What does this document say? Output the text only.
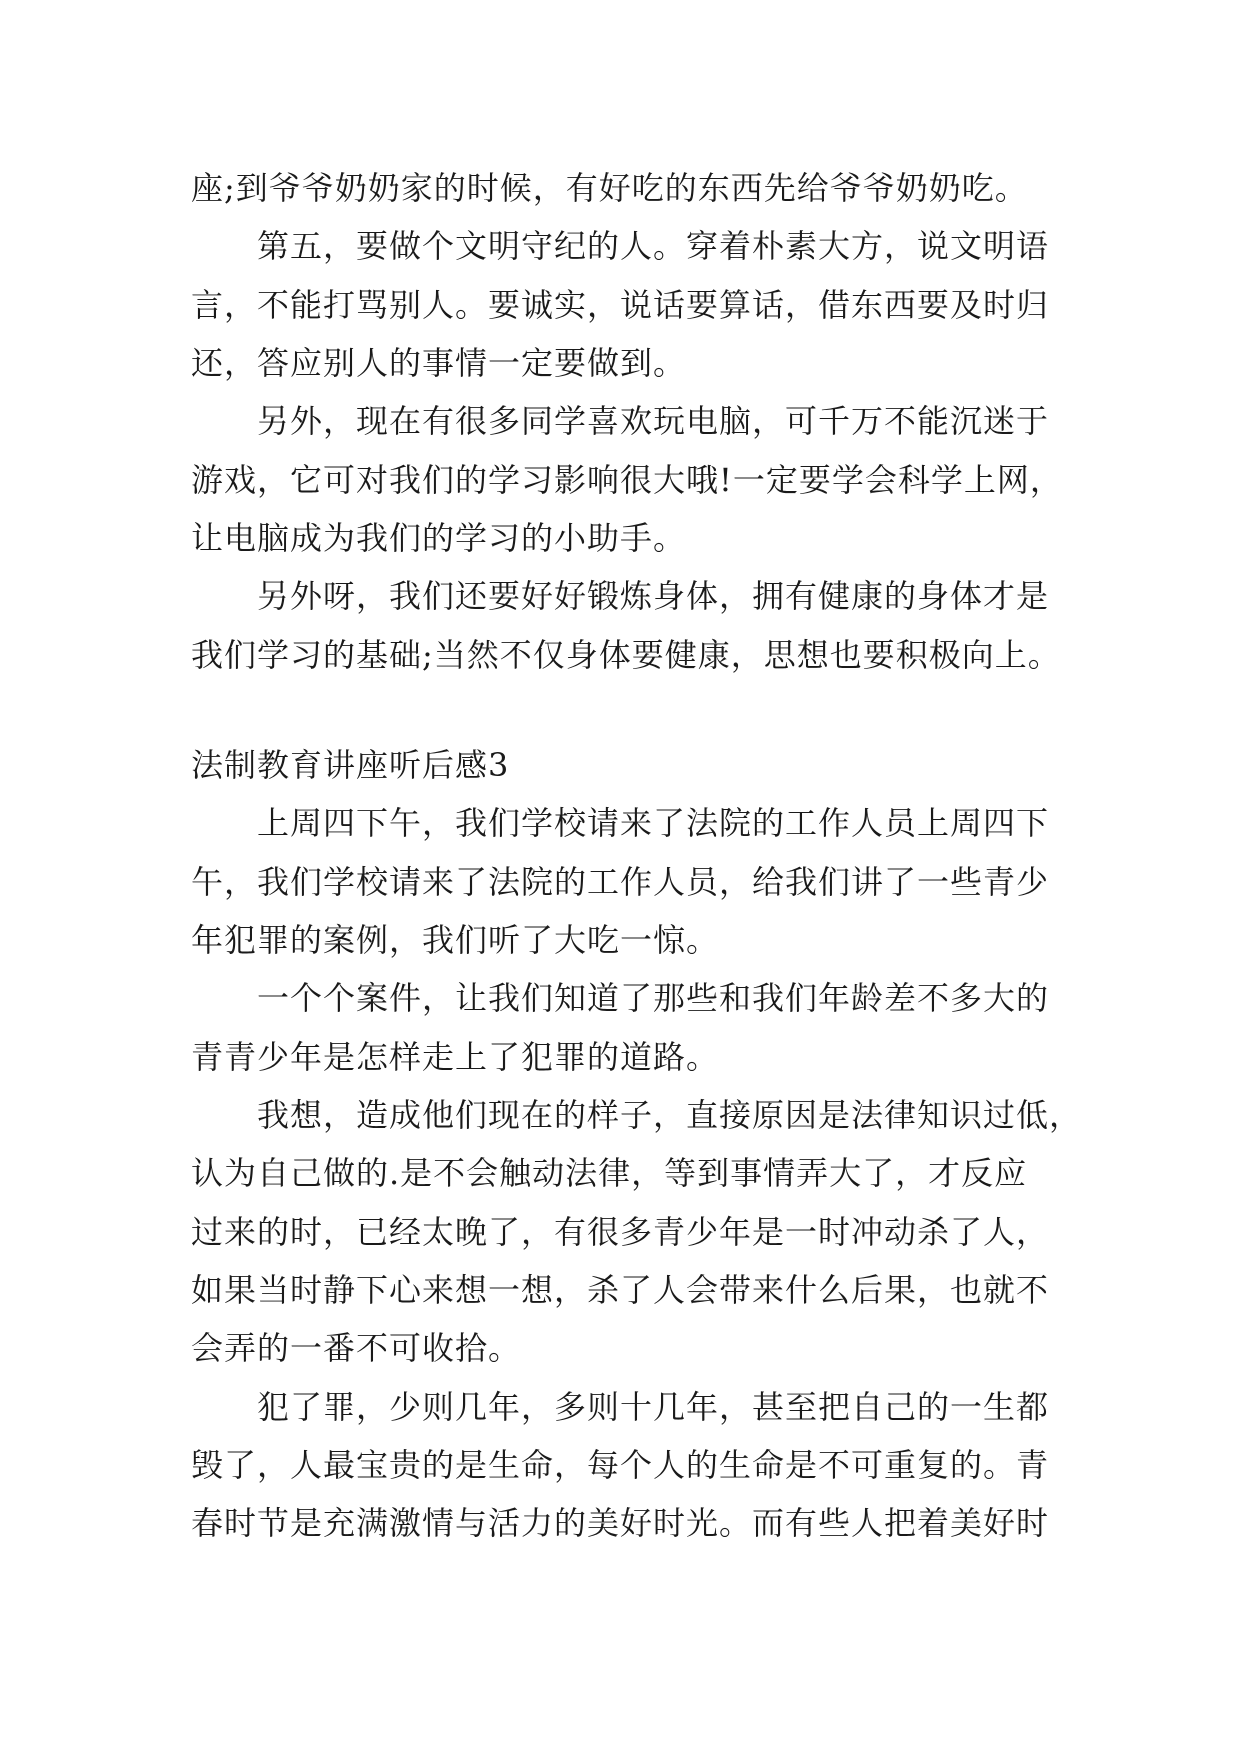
座;到爷爷奶奶家的时候，有好吃的东西先给爷爷奶奶吃。
第五，要做个文明守纪的人。穿着朴素大方，说文明语
言，不能打骂别人。要诚实，说话要算话，借东西要及时归
还，答应别人的事情一定要做到。
另外，现在有很多同学喜欢玩电脑，可千万不能沉迷于
游戏，它可对我们的学习影响很大哦!一定要学会科学上网，
让电脑成为我们的学习的小助手。
另外呀，我们还要好好锻炼身体，拥有健康的身体才是
我们学习的基础;当然不仅身体要健康，思想也要积极向上。
法制教育讲座听后感3
上周四下午，我们学校请来了法院的工作人员上周四下
午，我们学校请来了法院的工作人员，给我们讲了一些青少
年犯罪的案例，我们听了大吃一惊。
一个个案件，让我们知道了那些和我们年龄差不多大的
青青少年是怎样走上了犯罪的道路。
我想，造成他们现在的样子，直接原因是法律知识过低，
认为自己做的.是不会触动法律，等到事情弄大了，才反应
过来的时，已经太晚了，有很多青少年是一时冲动杀了人，
如果当时静下心来想一想，杀了人会带来什么后果，也就不
会弄的一番不可收拾。
犯了罪，少则几年，多则十几年，甚至把自己的一生都
毁了，人最宝贵的是生命，每个人的生命是不可重复的。青
春时节是充满激情与活力的美好时光。而有些人把着美好时
